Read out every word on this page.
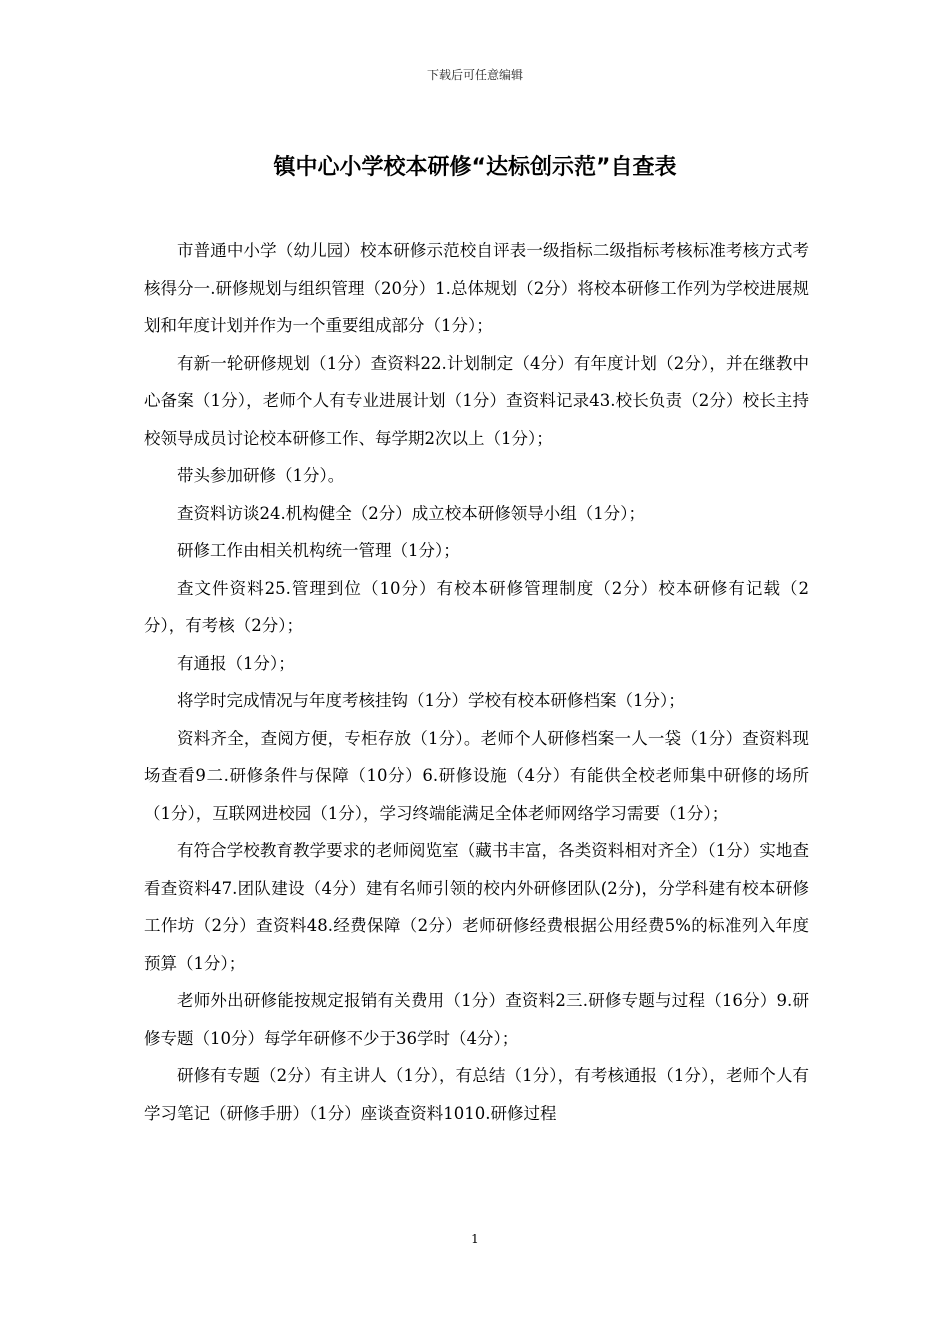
下载后可任意编辑
镇中心小学校本研修“达标创示范”自查表

市普通中小学（幼儿园）校本研修示范校自评表一级指标二级指标考核标准考核方式考核得分一.研修规划与组织管理（20分）1.总体规划（2分）将校本研修工作列为学校进展规划和年度计划并作为一个重要组成部分（1分）；

有新一轮研修规划（1分）查资料22.计划制定（4分）有年度计划（2分），并在继教中心备案（1分），老师个人有专业进展计划（1分）查资料记录43.校长负责（2分）校长主持校领导成员讨论校本研修工作、每学期2次以上（1分）；

带头参加研修（1分）。

查资料访谈24.机构健全（2分）成立校本研修领导小组（1分）；

研修工作由相关机构统一管理（1分）；

查文件资料25.管理到位（10分）有校本研修管理制度（2分）校本研修有记载（2分），有考核（2分）；

有通报（1分）；

将学时完成情况与年度考核挂钩（1分）学校有校本研修档案（1分）；

资料齐全，查阅方便，专柜存放（1分）。老师个人研修档案一人一袋（1分）查资料现场查看9二.研修条件与保障（10分）6.研修设施（4分）有能供全校老师集中研修的场所（1分），互联网进校园（1分），学习终端能满足全体老师网络学习需要（1分）；

有符合学校教育教学要求的老师阅览室（藏书丰富，各类资料相对齐全）（1分）实地查看查资料47.团队建设（4分）建有名师引领的校内外研修团队(2分)，分学科建有校本研修工作坊（2分）查资料48.经费保障（2分）老师研修经费根据公用经费5%的标准列入年度预算（1分）；

老师外出研修能按规定报销有关费用（1分）查资料2三.研修专题与过程（16分）9.研修专题（10分）每学年研修不少于36学时（4分）；

研修有专题（2分）有主讲人（1分），有总结（1分），有考核通报（1分），老师个人有学习笔记（研修手册）（1分）座谈查资料1010.研修过程

1
